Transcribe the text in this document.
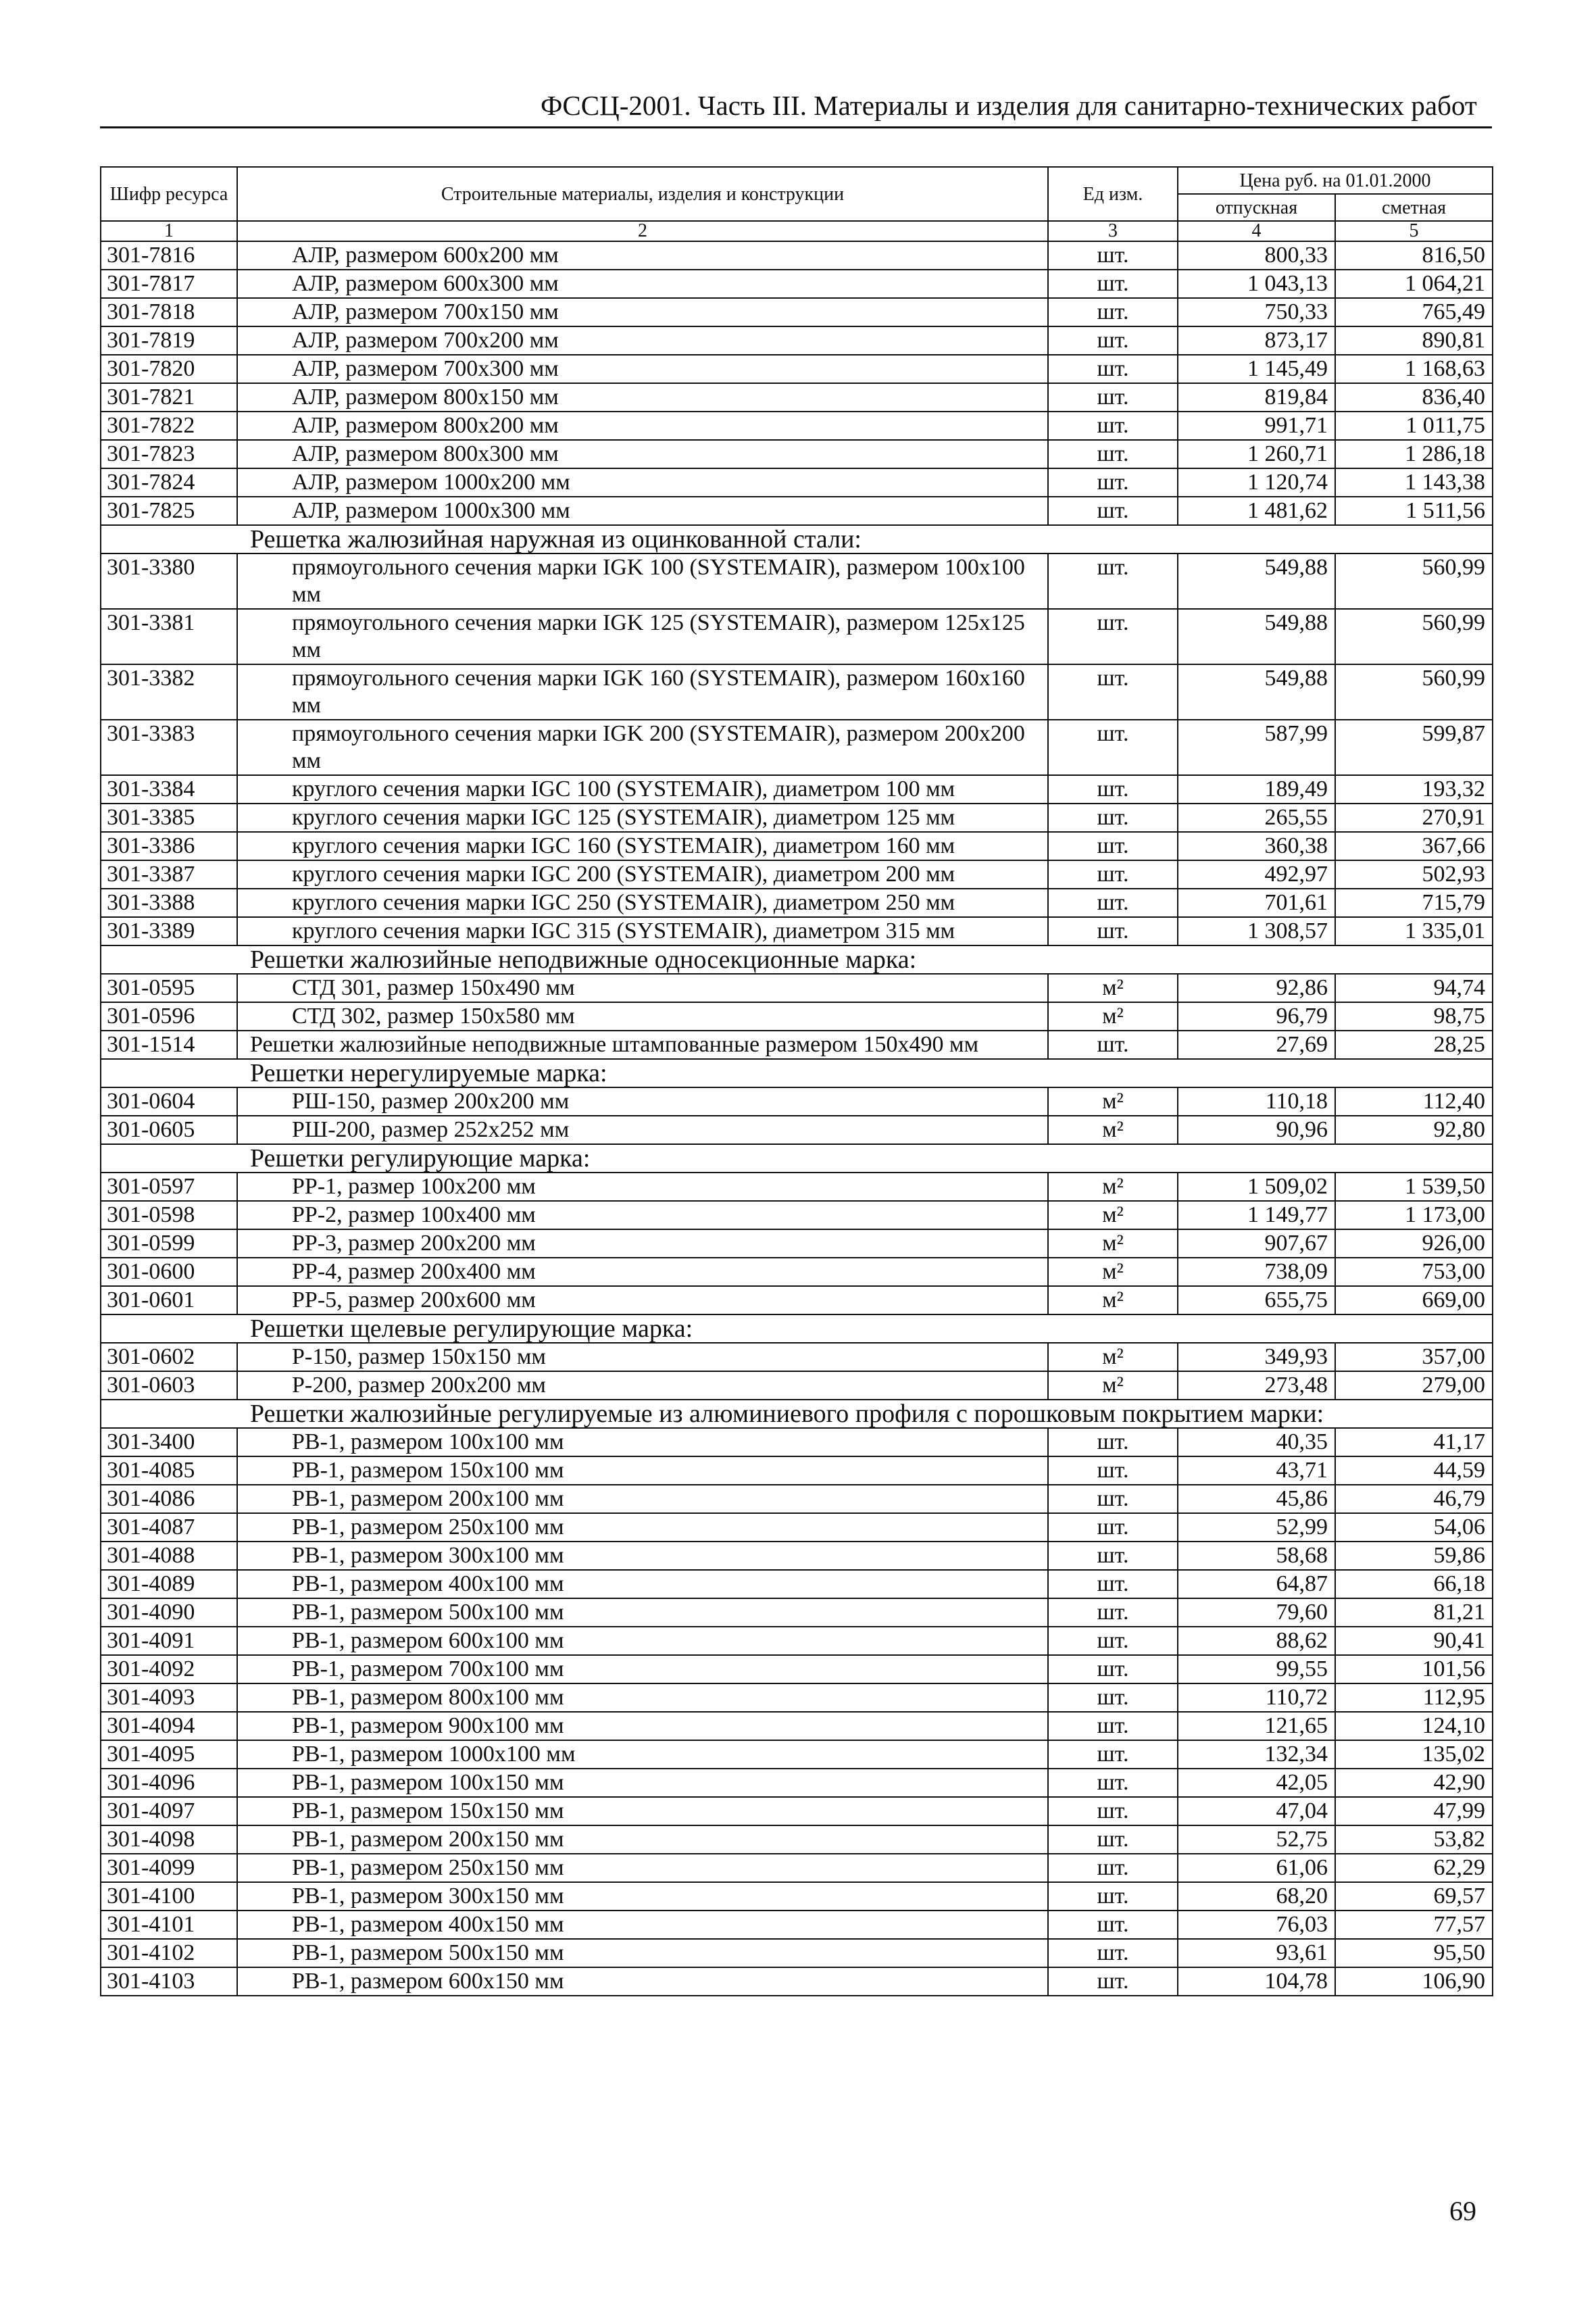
ФССЦ-2001. Часть III. Материалы и изделия для санитарно-технических работ
Шифр ресурса	Строительные материалы, изделия и конструкции	Ед изм.	Цена руб. на 01.01.2000	
			отпускная	сметная
1	2	3	4	5
301-7816	АЛР, размером 600x200 мм	шт.	800,33	816,50
301-7817	АЛР, размером 600x300 мм	шт.	1 043,13	1 064,21
301-7818	АЛР, размером 700x150 мм	шт.	750,33	765,49
301-7819	АЛР, размером 700x200 мм	шт.	873,17	890,81
301-7820	АЛР, размером 700x300 мм	шт.	1 145,49	1 168,63
301-7821	АЛР, размером 800x150 мм	шт.	819,84	836,40
301-7822	АЛР, размером 800x200 мм	шт.	991,71	1 011,75
301-7823	АЛР, размером 800x300 мм	шт.	1 260,71	1 286,18
301-7824	АЛР, размером 1000x200 мм	шт.	1 120,74	1 143,38
301-7825	АЛР, размером 1000x300 мм	шт.	1 481,62	1 511,56
Решетка жалюзийная наружная из оцинкованной стали:				
301-3380	прямоугольного сечения марки IGK 100 (SYSTEMAIR), размером 100x100 мм	шт.	549,88	560,99
301-3381	прямоугольного сечения марки IGK 125 (SYSTEMAIR), размером 125x125 мм	шт.	549,88	560,99
301-3382	прямоугольного сечения марки IGK 160 (SYSTEMAIR), размером 160x160 мм	шт.	549,88	560,99
301-3383	прямоугольного сечения марки IGK 200 (SYSTEMAIR), размером 200x200 мм	шт.	587,99	599,87
301-3384	круглого сечения марки IGC 100 (SYSTEMAIR), диаметром 100 мм	шт.	189,49	193,32
301-3385	круглого сечения марки IGC 125 (SYSTEMAIR), диаметром 125 мм	шт.	265,55	270,91
301-3386	круглого сечения марки IGC 160 (SYSTEMAIR), диаметром 160 мм	шт.	360,38	367,66
301-3387	круглого сечения марки IGC 200 (SYSTEMAIR), диаметром 200 мм	шт.	492,97	502,93
301-3388	круглого сечения марки IGC 250 (SYSTEMAIR), диаметром 250 мм	шт.	701,61	715,79
301-3389	круглого сечения марки IGC 315 (SYSTEMAIR), диаметром 315 мм	шт.	1 308,57	1 335,01
Решетки жалюзийные неподвижные односекционные марка:				
301-0595	СТД 301, размер 150x490 мм	м²	92,86	94,74
301-0596	СТД 302, размер 150x580 мм	м²	96,79	98,75
301-1514	Решетки жалюзийные неподвижные штампованные размером 150x490 мм	шт.	27,69	28,25
Решетки нерегулируемые марка:				
301-0604	РШ-150, размер 200x200 мм	м²	110,18	112,40
301-0605	РШ-200, размер 252x252 мм	м²	90,96	92,80
Решетки регулирующие марка:				
301-0597	РР-1, размер 100x200 мм	м²	1 509,02	1 539,50
301-0598	РР-2, размер 100x400 мм	м²	1 149,77	1 173,00
301-0599	РР-3, размер 200x200 мм	м²	907,67	926,00
301-0600	РР-4, размер 200x400 мм	м²	738,09	753,00
301-0601	РР-5, размер 200x600 мм	м²	655,75	669,00
Решетки щелевые регулирующие марка:				
301-0602	Р-150, размер 150x150 мм	м²	349,93	357,00
301-0603	Р-200, размер 200x200 мм	м²	273,48	279,00
Решетки жалюзийные регулируемые из алюминиевого профиля с порошковым покрытием марки:				
301-3400	РВ-1, размером 100x100 мм	шт.	40,35	41,17
301-4085	РВ-1, размером 150x100 мм	шт.	43,71	44,59
301-4086	РВ-1, размером 200x100 мм	шт.	45,86	46,79
301-4087	РВ-1, размером 250x100 мм	шт.	52,99	54,06
301-4088	РВ-1, размером 300x100 мм	шт.	58,68	59,86
301-4089	РВ-1, размером 400x100 мм	шт.	64,87	66,18
301-4090	РВ-1, размером 500x100 мм	шт.	79,60	81,21
301-4091	РВ-1, размером 600x100 мм	шт.	88,62	90,41
301-4092	РВ-1, размером 700x100 мм	шт.	99,55	101,56
301-4093	РВ-1, размером 800x100 мм	шт.	110,72	112,95
301-4094	РВ-1, размером 900x100 мм	шт.	121,65	124,10
301-4095	РВ-1, размером 1000x100 мм	шт.	132,34	135,02
301-4096	РВ-1, размером 100x150 мм	шт.	42,05	42,90
301-4097	РВ-1, размером 150x150 мм	шт.	47,04	47,99
301-4098	РВ-1, размером 200x150 мм	шт.	52,75	53,82
301-4099	РВ-1, размером 250x150 мм	шт.	61,06	62,29
301-4100	РВ-1, размером 300x150 мм	шт.	68,20	69,57
301-4101	РВ-1, размером 400x150 мм	шт.	76,03	77,57
301-4102	РВ-1, размером 500x150 мм	шт.	93,61	95,50
301-4103	РВ-1, размером 600x150 мм	шт.	104,78	106,90
69
